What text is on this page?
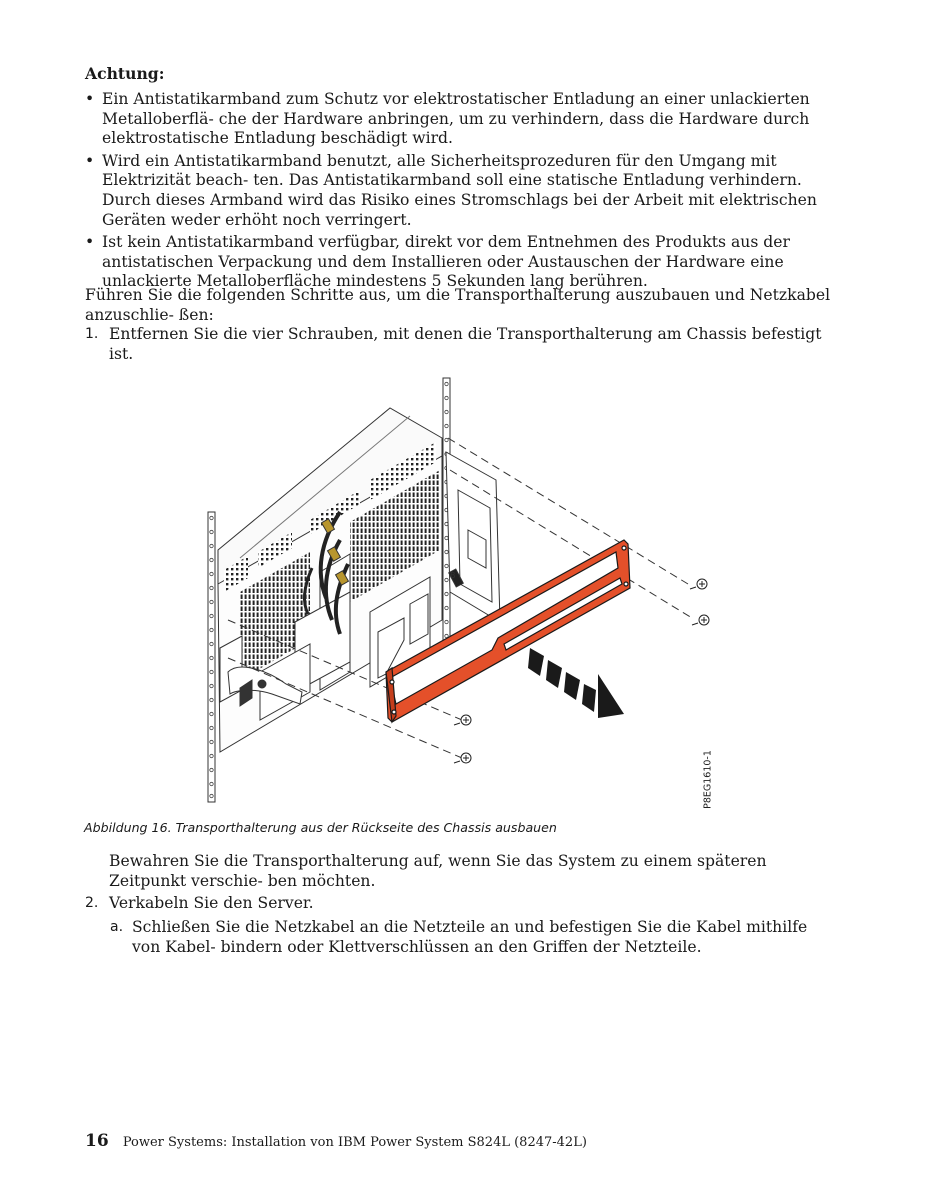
Achtung:
• Ein Antistatikarmband zum Schutz vor elektrostatischer Entladung an einer unlackierten Metalloberflä- che der Hardware anbringen, um zu verhindern, dass die Hardware durch elektrostatische Entladung beschädigt wird.
• Wird ein Antistatikarmband benutzt, alle Sicherheitsprozeduren für den Umgang mit Elektrizität beach- ten. Das Antistatikarmband soll eine statische Entladung verhindern. Durch dieses Armband wird das Risiko eines Stromschlags bei der Arbeit mit elektrischen Geräten weder erhöht noch verringert.
• Ist kein Antistatikarmband verfügbar, direkt vor dem Entnehmen des Produkts aus der antistatischen Verpackung und dem Installieren oder Austauschen der Hardware eine unlackierte Metalloberfläche mindestens 5 Sekunden lang berühren.
Führen Sie die folgenden Schritte aus, um die Transporthalterung auszubauen und Netzkabel anzuschlie- ßen:
1. Entfernen Sie die vier Schrauben, mit denen die Transporthalterung am Chassis befestigt ist.
B
P8EG1610-1
Abbildung 16. Transporthalterung aus der Rückseite des Chassis ausbauen
Bewahren Sie die Transporthalterung auf, wenn Sie das System zu einem späteren Zeitpunkt verschie- ben möchten.
2. Verkabeln Sie den Server.
a. Schließen Sie die Netzkabel an die Netzteile an und befestigen Sie die Kabel mithilfe von Kabel- bindern oder Klettverschlüssen an den Griffen der Netzteile.
16 Power Systems: Installation von IBM Power System S824L (8247-42L)
